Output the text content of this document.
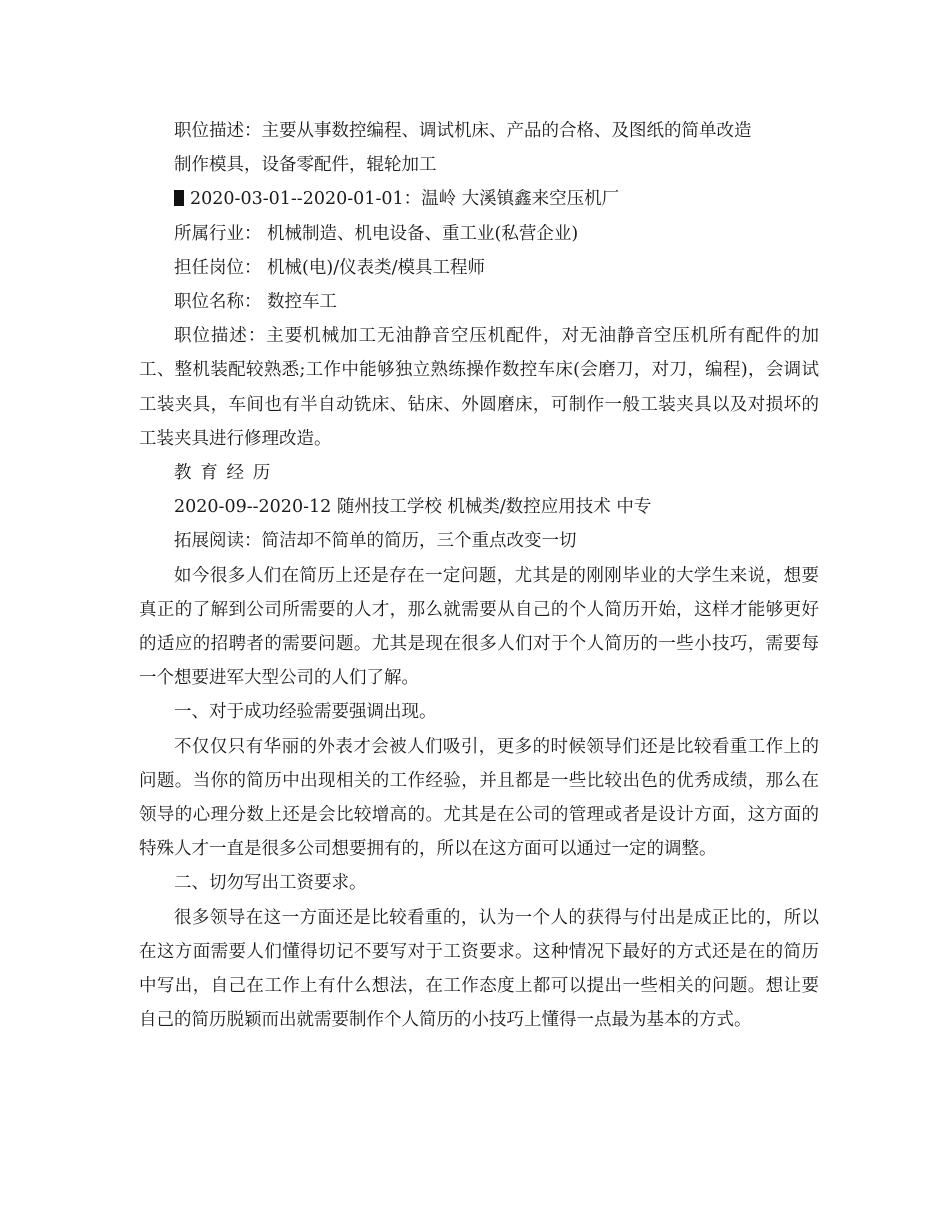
职位描述：主要从事数控编程、调试机床、产品的合格、及图纸的简单改造

制作模具，设备零配件，辊轮加工

2020-03-01--2020-01-01：温岭 大溪镇鑫来空压机厂

所属行业： 机械制造、机电设备、重工业(私营企业)

担任岗位： 机械(电)/仪表类/模具工程师

职位名称： 数控车工

职位描述：主要机械加工无油静音空压机配件，对无油静音空压机所有配件的加工、整机装配较熟悉;工作中能够独立熟练操作数控车床(会磨刀，对刀，编程)，会调试工装夹具，车间也有半自动铣床、钻床、外圆磨床，可制作一般工装夹具以及对损坏的工装夹具进行修理改造。

教育经历

2020-09--2020-12 随州技工学校 机械类/数控应用技术 中专

拓展阅读：简洁却不简单的简历，三个重点改变一切

如今很多人们在简历上还是存在一定问题，尤其是的刚刚毕业的大学生来说，想要真正的了解到公司所需要的人才，那么就需要从自己的个人简历开始，这样才能够更好的适应的招聘者的需要问题。尤其是现在很多人们对于个人简历的一些小技巧，需要每一个想要进军大型公司的人们了解。

一、对于成功经验需要强调出现。

不仅仅只有华丽的外表才会被人们吸引，更多的时候领导们还是比较看重工作上的问题。当你的简历中出现相关的工作经验，并且都是一些比较出色的优秀成绩，那么在领导的心理分数上还是会比较增高的。尤其是在公司的管理或者是设计方面，这方面的特殊人才一直是很多公司想要拥有的，所以在这方面可以通过一定的调整。

二、切勿写出工资要求。

很多领导在这一方面还是比较看重的，认为一个人的获得与付出是成正比的，所以在这方面需要人们懂得切记不要写对于工资要求。这种情况下最好的方式还是在的简历中写出，自己在工作上有什么想法，在工作态度上都可以提出一些相关的问题。想让要自己的简历脱颖而出就需要制作个人简历的小技巧上懂得一点最为基本的方式。
